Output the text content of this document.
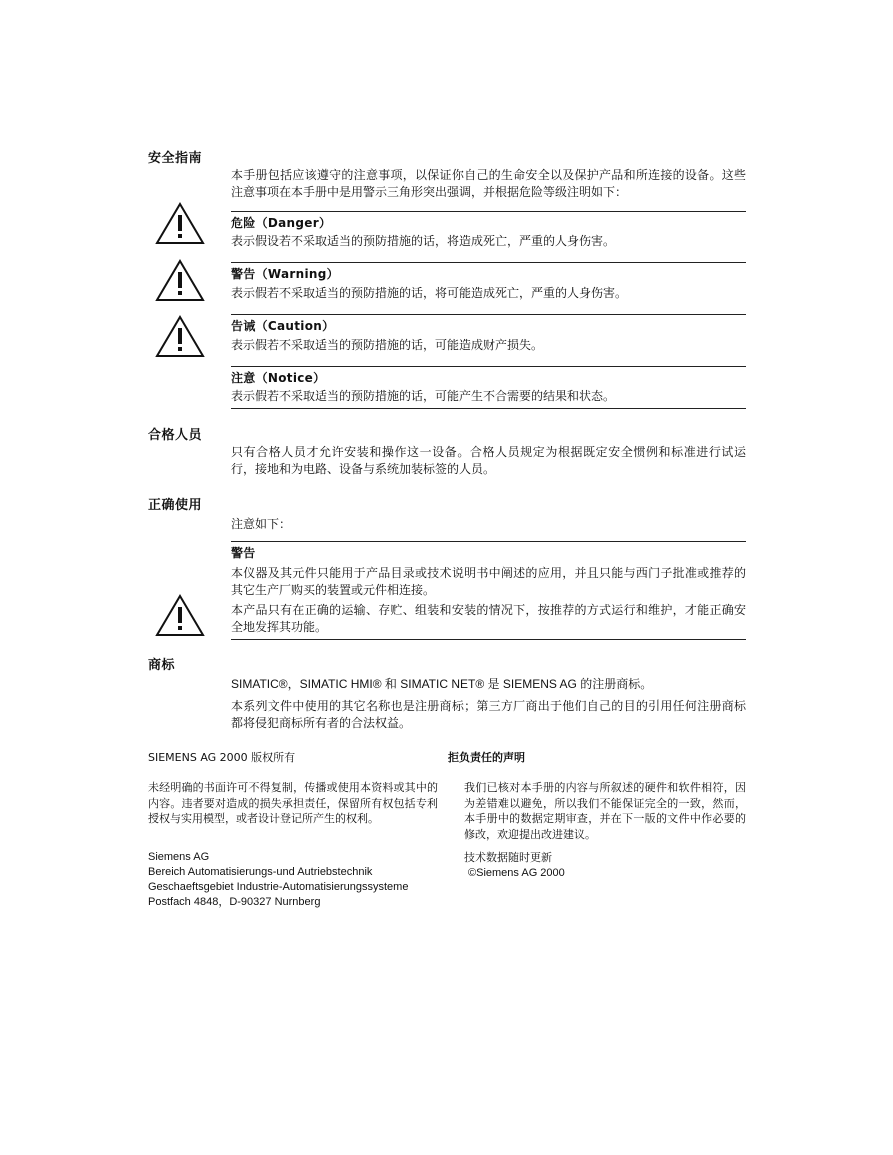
安全指南
本手册包括应该遵守的注意事项，以保证你自己的生命安全以及保护产品和所连接的设备。这些注意事项在本手册中是用警示三角形突出强调，并根据危险等级注明如下：
危险（Danger）
表示假设若不采取适当的预防措施的话，将造成死亡，严重的人身伤害。
警告（Warning）
表示假若不采取适当的预防措施的话，将可能造成死亡，严重的人身伤害。
告诫（Caution）
表示假若不采取适当的预防措施的话，可能造成财产损失。
注意（Notice）
表示假若不采取适当的预防措施的话，可能产生不合需要的结果和状态。
合格人员
只有合格人员才允许安装和操作这一设备。合格人员规定为根据既定安全惯例和标准进行试运行，接地和为电路、设备与系统加装标签的人员。
正确使用
注意如下：
警告
本仪器及其元件只能用于产品目录或技术说明书中阐述的应用，并且只能与西门子批准或推荐的其它生产厂购买的装置或元件相连接。
本产品只有在正确的运输、存贮、组装和安装的情况下，按推荐的方式运行和维护，才能正确安全地发挥其功能。
商标
SIMATIC®，SIMATIC HMI® 和 SIMATIC NET® 是 SIEMENS AG 的注册商标。
本系列文件中使用的其它名称也是注册商标；第三方厂商出于他们自己的目的引用任何注册商标都将侵犯商标所有者的合法权益。
SIEMENS AG 2000 版权所有	拒负责任的声明
未经明确的书面许可不得复制，传播或使用本资料或其中的内容。违者要对造成的损失承担责任，保留所有权包括专利授权与实用模型，或者设计登记所产生的权利。
我们已核对本手册的内容与所叙述的硬件和软件相符，因为差错难以避免，所以我们不能保证完全的一致，然而，本手册中的数据定期审查，并在下一版的文件中作必要的修改，欢迎提出改进建议。
Siemens AG
Bereich Automatisierungs-und Autriebstechnik
Geschaeftsgebiet Industrie-Automatisierungssysteme
Postfach 4848，D-90327 Nurnberg
技术数据随时更新
©Siemens AG 2000
